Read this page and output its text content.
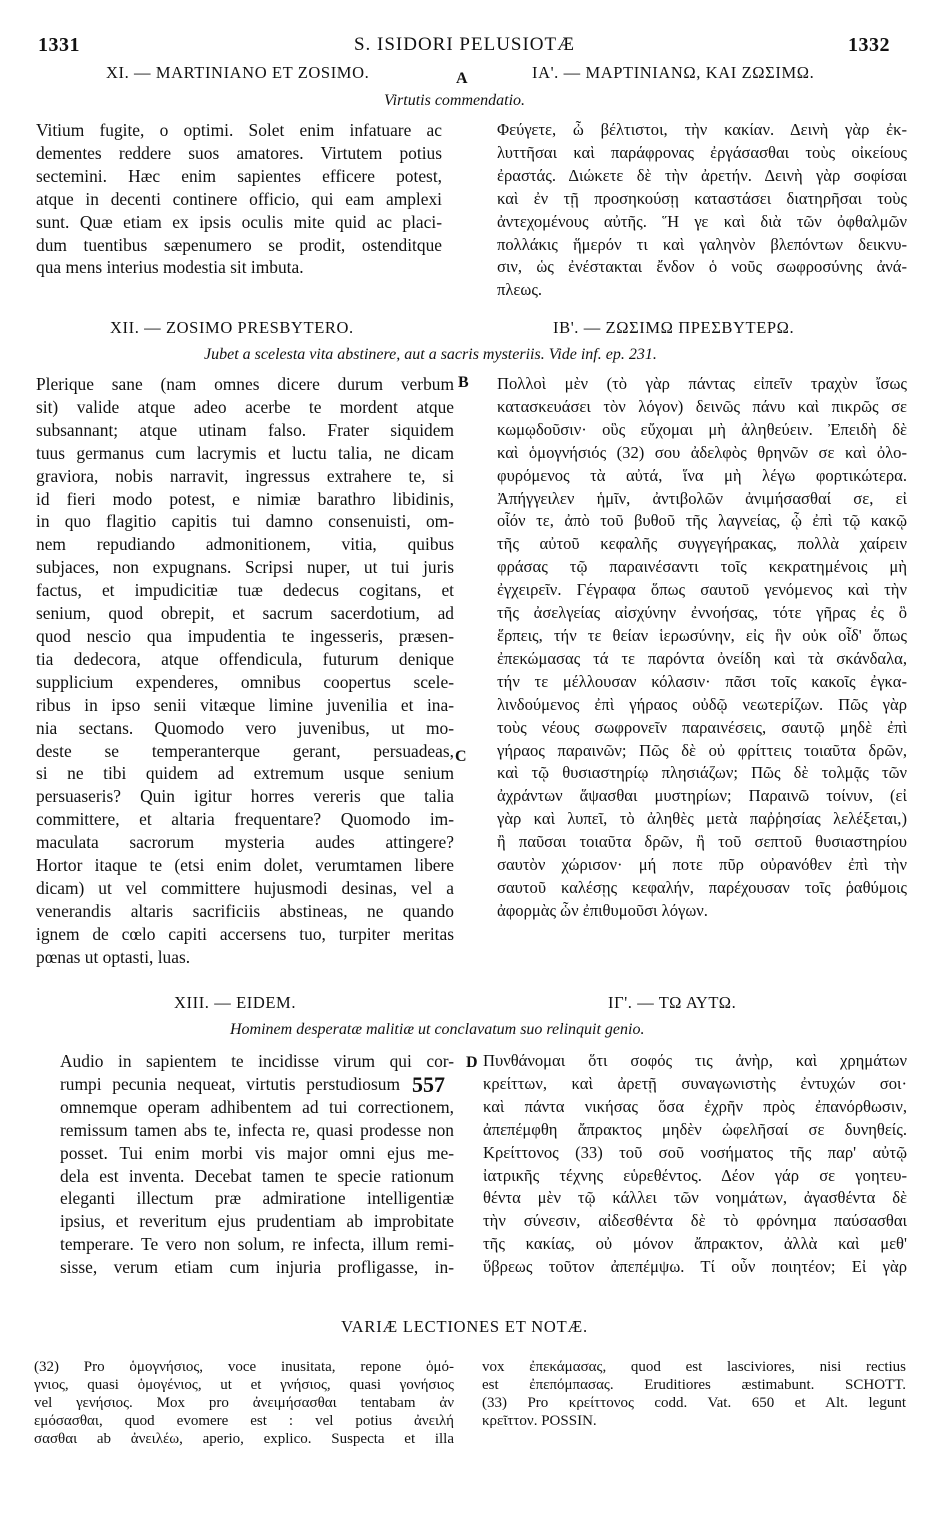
1331	S. ISIDORI PELUSIOTÆ	1332
XI. — MARTINIANO ET ZOSIMO.	A	ΙΑ'. — ΜΑΡΤΙΝΙΑΝΩ, ΚΑΙ ΖΩΣΙΜΩ.
Virtutis commendatio.
Vitium fugite, o optimi. Solet enim infatuare ac
dementes reddere suos amatores. Virtutem potius
sectemini. Hæc enim sapientes efficere potest,
atque in decenti continere officio, qui eam amplexi
sunt. Quæ etiam ex ipsis oculis mite quid ac placi-
dum tuentibus sæpenumero se prodit, ostenditque
qua mens interius modestia sit imbuta.
Φεύγετε, ὦ βέλτιστοι, τὴν κακίαν. Δεινὴ γὰρ ἐκ-
λυττῆσαι καὶ παράφρονας ἐργάσασθαι τοὺς οἰκείους
ἐραστάς. Διώκετε δὲ τὴν ἀρετήν. Δεινὴ γὰρ σοφίσαι
καὶ ἐν τῇ προσηκούσῃ καταστάσει διατηρῆσαι τοὺς
ἀντεχομένους αὐτῆς. Ἥ γε καὶ διὰ τῶν ὀφθαλμῶν
πολλάκις ἥμερόν τι καὶ γαληνὸν βλεπόντων δεικνυ-
σιν, ὡς ἐνέστακται ἔνδον ὁ νοῦς σωφροσύνης ἀνά-
πλεως.
XII. — ZOSIMO PRESBYTERO.	ΙΒ'. — ΖΩΣΙΜΩ ΠΡΕΣΒΥΤΕΡΩ.
Jubet a scelesta vita abstinere, aut a sacris mysteriis. Vide inf. ep. 231.
B
C
Plerique sane (nam omnes dicere durum verbum
sit) valide atque adeo acerbe te mordent atque
subsannant; atque utinam falso. Frater siquidem
tuus germanus cum lacrymis et luctu talia, ne dicam
graviora, nobis narravit, ingressus extrahere te, si
id fieri modo potest, e nimiæ barathro libidinis,
in quo flagitio capitis tui damno consenuisti, om-
nem repudiando admonitionem, vitia, quibus
subjaces, non expugnans. Scripsi nuper, ut tui juris
factus, et impudicitiæ tuæ dedecus cogitans, et
senium, quod obrepit, et sacrum sacerdotium, ad
quod nescio qua impudentia te ingesseris, præsen-
tia dedecora, atque offendicula, futurum denique
supplicium expenderes, omnibus coopertus scele-
ribus in ipso senii vitæque limine juvenilia et ina-
nia sectans. Quomodo vero juvenibus, ut mo-
deste se temperanterque gerant, persuadeas,
si ne tibi quidem ad extremum usque senium
persuaseris? Quin igitur horres vereris que talia
committere, et altaria frequentare? Quomodo im-
maculata sacrorum mysteria audes attingere?
Hortor itaque te (etsi enim dolet, verumtamen libere
dicam) ut vel committere hujusmodi desinas, vel a
venerandis altaris sacrificiis abstineas, ne quando
ignem de cœlo capiti accersens tuo, turpiter meritas
pœnas ut optasti, luas.
Πολλοὶ μὲν (τὸ γὰρ πάντας εἰπεῖν τραχὺν ἴσως
κατασκευάσει τὸν λόγον) δεινῶς πάνυ καὶ πικρῶς σε
κωμῳδοῦσιν· οὓς εὔχομαι μὴ ἀληθεύειν. Ἐπειδὴ δὲ
καὶ ὁμογνήσιός (32) σου ἀδελφὸς θρηνῶν σε καὶ ὀλο-
φυρόμενος τὰ αὐτά, ἵνα μὴ λέγω φορτικώτερα.
Ἀπήγγειλεν ἡμῖν, ἀντιβολῶν ἀνιμήσασθαί σε, εἰ
οἷόν τε, ἀπὸ τοῦ βυθοῦ τῆς λαγνείας, ᾧ ἐπὶ τῷ κακῷ
τῆς αὐτοῦ κεφαλῆς συγγεγήρακας, πολλὰ χαίρειν
φράσας τῷ παραινέσαντι τοῖς κεκρατημένοις μὴ
ἐγχειρεῖν. Γέγραφα ὅπως σαυτοῦ γενόμενος καὶ τὴν
τῆς ἀσελγείας αἰσχύνην ἐννοήσας, τότε γῆρας ἐς ὃ
ἕρπεις, τήν τε θείαν ἱερωσύνην, εἰς ἣν οὐκ οἶδ' ὅπως
ἐπεκώμασας τά τε παρόντα ὀνείδη καὶ τὰ σκάνδαλα,
τήν τε μέλλουσαν κόλασιν· πᾶσι τοῖς κακοῖς ἐγκα-
λινδούμενος ἐπὶ γήραος οὐδῷ νεωτερίζων. Πῶς γὰρ
τοὺς νέους σωφρονεῖν παραινέσεις, σαυτῷ μηδὲ ἐπὶ
γήραος παραινῶν; Πῶς δὲ οὐ φρίττεις τοιαῦτα δρῶν,
καὶ τῷ θυσιαστηρίῳ πλησιάζων; Πῶς δὲ τολμᾷς τῶν
ἀχράντων ἅψασθαι μυστηρίων; Παραινῶ τοίνυν, (εἰ
γὰρ καὶ λυπεῖ, τὸ ἀληθὲς μετὰ παῤῥησίας λελέξεται,)
ἢ παῦσαι τοιαῦτα δρῶν, ἢ τοῦ σεπτοῦ θυσιαστηρίου
σαυτὸν χώρισον· μή ποτε πῦρ οὐρανόθεν ἐπὶ τὴν
σαυτοῦ καλέσῃς κεφαλήν, παρέχουσαν τοῖς ῥαθύμοις
ἀφορμὰς ὧν ἐπιθυμοῦσι λόγων.
XIII. — EIDEM.	ΙΓ'. — ΤΩ ΑΥΤΩ.
Hominem desperatæ malitiæ ut conclavatum suo relinquit genio.
D
Audio in sapientem te incidisse virum qui cor-
rumpi pecunia nequeat, virtutis perstudiosum
omnemque operam adhibentem ad tui correctionem,
remissum tamen abs te, infecta re, quasi prodesse non
posset. Tui enim morbi vis major omni ejus me-
dela est inventa. Decebat tamen te specie rationum
eleganti illectum præ admiratione intelligentiæ
ipsius, et reveritum ejus prudentiam ab improbitate
temperare. Te vero non solum, re infecta, illum remi-
sisse, verum etiam cum injuria profligasse, in-
557
Πυνθάνομαι ὅτι σοφός τις ἀνὴρ, καὶ χρημάτων
κρείττων, καὶ ἀρετῇ συναγωνιστὴς ἐντυχών σοι·
καὶ πάντα νικήσας ὅσα ἐχρῆν πρὸς ἐπανόρθωσιν,
ἀπεπέμφθη ἄπρακτος μηδὲν ὠφελῆσαί σε δυνηθείς.
Κρείττονος (33) τοῦ σοῦ νοσήματος τῆς παρ' αὐτῷ
ἰατρικῆς τέχνης εὑρεθέντος. Δέον γάρ σε γοητευ-
θέντα μὲν τῷ κάλλει τῶν νοημάτων, ἀγασθέντα δὲ
τὴν σύνεσιν, αἰδεσθέντα δὲ τὸ φρόνημα παύσασθαι
τῆς κακίας, οὐ μόνον ἄπρακτον, ἀλλὰ καὶ μεθ'
ὕβρεως τοῦτον ἀπεπέμψω. Τί οὖν ποιητέον; Εἰ γὰρ
VARIÆ LECTIONES ET NOTÆ.
(32) Pro ὁμογνήσιος, voce inusitata, repone ὁμό-
γνιος, quasi ὁμογένιος, ut et γνήσιος, quasi γονήσιος
vel γενήσιος. Mox pro ἀνειμήσασθαι tentabam ἀν
εμόσασθαι, quod evomere est : vel potius ἀνειλή
σασθαι ab ἀνειλέω, aperio, explico. Suspecta et illa
vox ἐπεκάμασας, quod est lasciviores, nisi rectius
est ἐπεπόμπασας. Eruditiores æstimabunt. SCHOTT.
(33) Pro κρείττονος codd. Vat. 650 et Alt. legunt
κρεῖττον. POSSIN.
